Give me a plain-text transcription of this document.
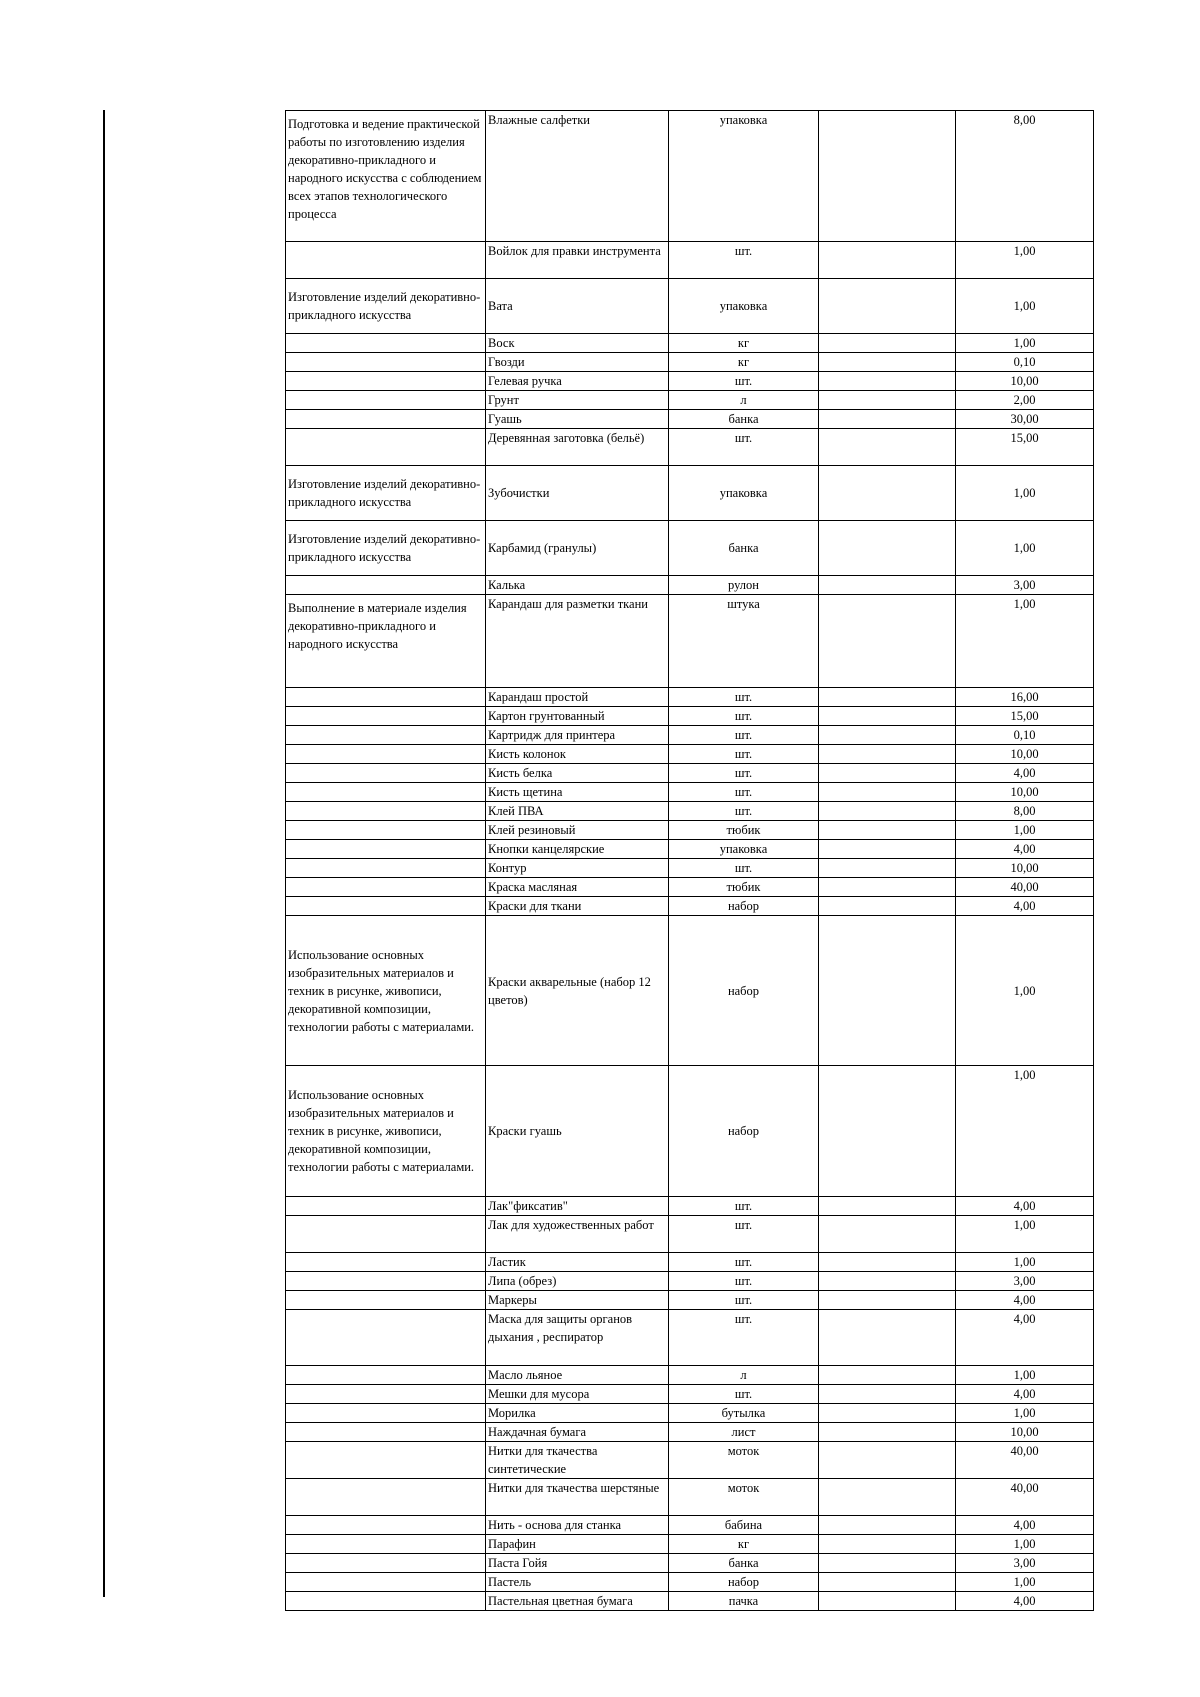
Подготовка и ведение практической работы по изготовлению изделия декоративно-прикладного и народного искусства с соблюдением всех этапов технологического процесса	Влажные салфетки	упаковка		8,00
	Войлок для правки инструмента	шт.		1,00
Изготовление изделий декоративно-прикладного искусства	Вата	упаковка		1,00
	Воск	кг		1,00
	Гвозди	кг		0,10
	Гелевая ручка	шт.		10,00
	Грунт	л		2,00
	Гуашь	банка		30,00
	Деревянная заготовка (бельё)	шт.		15,00
Изготовление изделий декоративно-прикладного искусства	Зубочистки	упаковка		1,00
Изготовление изделий декоративно-прикладного искусства	Карбамид (гранулы)	банка		1,00
	Калька	рулон		3,00
Выполнение в материале изделия декоративно-прикладного и народного искусства	Карандаш для разметки ткани	штука		1,00
	Карандаш простой	шт.		16,00
	Картон грунтованный	шт.		15,00
	Картридж для принтера	шт.		0,10
	Кисть колонок	шт.		10,00
	Кисть белка	шт.		4,00
	Кисть щетина	шт.		10,00
	Клей ПВА	шт.		8,00
	Клей резиновый	тюбик		1,00
	Кнопки канцелярские	упаковка		4,00
	Контур	шт.		10,00
	Краска масляная	тюбик		40,00
	Краски для ткани	набор		4,00
Использование основных изобразительных материалов и техник в рисунке, живописи, декоративной композиции, технологии работы с материалами.	Краски акварельные (набор 12 цветов)	набор		1,00
Использование основных изобразительных материалов и техник в рисунке, живописи, декоративной композиции, технологии работы с материалами.	Краски гуашь	набор		1,00
	Лак"фиксатив"	шт.		4,00
	Лак для художественных работ	шт.		1,00
	Ластик	шт.		1,00
	Липа (обрез)	шт.		3,00
	Маркеры	шт.		4,00
	Маска для защиты органов дыхания , респиратор	шт.		4,00
	Масло льяное	л		1,00
	Мешки для мусора	шт.		4,00
	Морилка	бутылка		1,00
	Наждачная бумага	лист		10,00
	Нитки для ткачества синтетические	моток		40,00
	Нитки для ткачества шерстяные	моток		40,00
	Нить - основа для станка	бабина		4,00
	Парафин	кг		1,00
	Паста Гойя	банка		3,00
	Пастель	набор		1,00
	Пастельная цветная бумага	пачка		4,00
